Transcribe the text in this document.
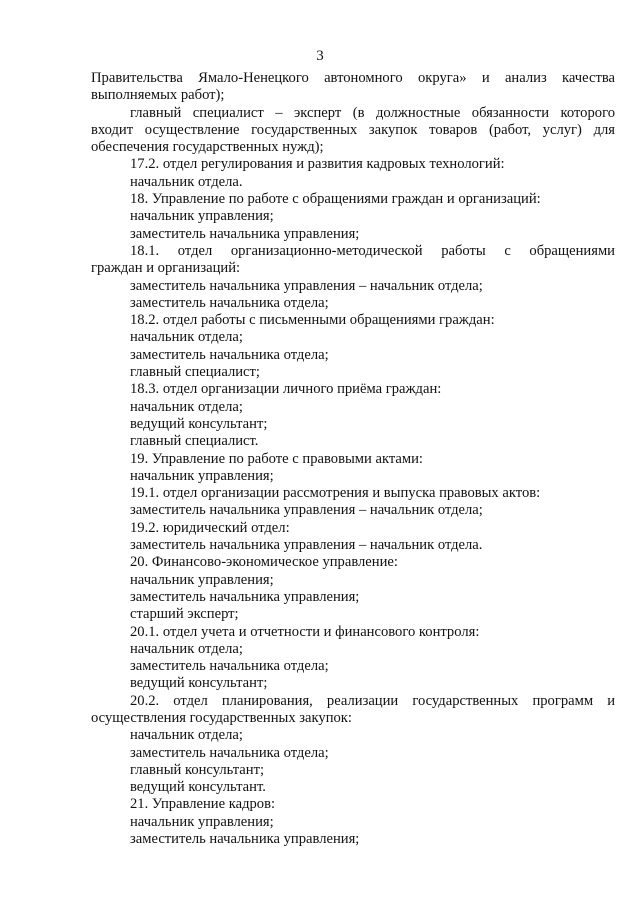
3
Правительства Ямало-Ненецкого автономного округа» и анализ качества
выполняемых работ);
главный специалист – эксперт (в должностные обязанности которого
входит осуществление государственных закупок товаров (работ, услуг) для
обеспечения государственных нужд);
17.2. отдел регулирования и развития кадровых технологий:
начальник отдела.
18. Управление по работе с обращениями граждан и организаций:
начальник управления;
заместитель начальника управления;
18.1. отдел организационно-методической работы с обращениями
граждан и организаций:
заместитель начальника управления – начальник отдела;
заместитель начальника отдела;
18.2. отдел работы с письменными обращениями граждан:
начальник отдела;
заместитель начальника отдела;
главный специалист;
18.3. отдел организации личного приёма граждан:
начальник отдела;
ведущий консультант;
главный специалист.
19. Управление по работе с правовыми актами:
начальник управления;
19.1. отдел организации рассмотрения и выпуска правовых актов:
заместитель начальника управления – начальник отдела;
19.2. юридический отдел:
заместитель начальника управления – начальник отдела.
20. Финансово-экономическое управление:
начальник управления;
заместитель начальника управления;
старший эксперт;
20.1. отдел учета и отчетности и финансового контроля:
начальник отдела;
заместитель начальника отдела;
ведущий консультант;
20.2. отдел планирования, реализации государственных программ и
осуществления государственных закупок:
начальник отдела;
заместитель начальника отдела;
главный консультант;
ведущий консультант.
21. Управление кадров:
начальник управления;
заместитель начальника управления;
